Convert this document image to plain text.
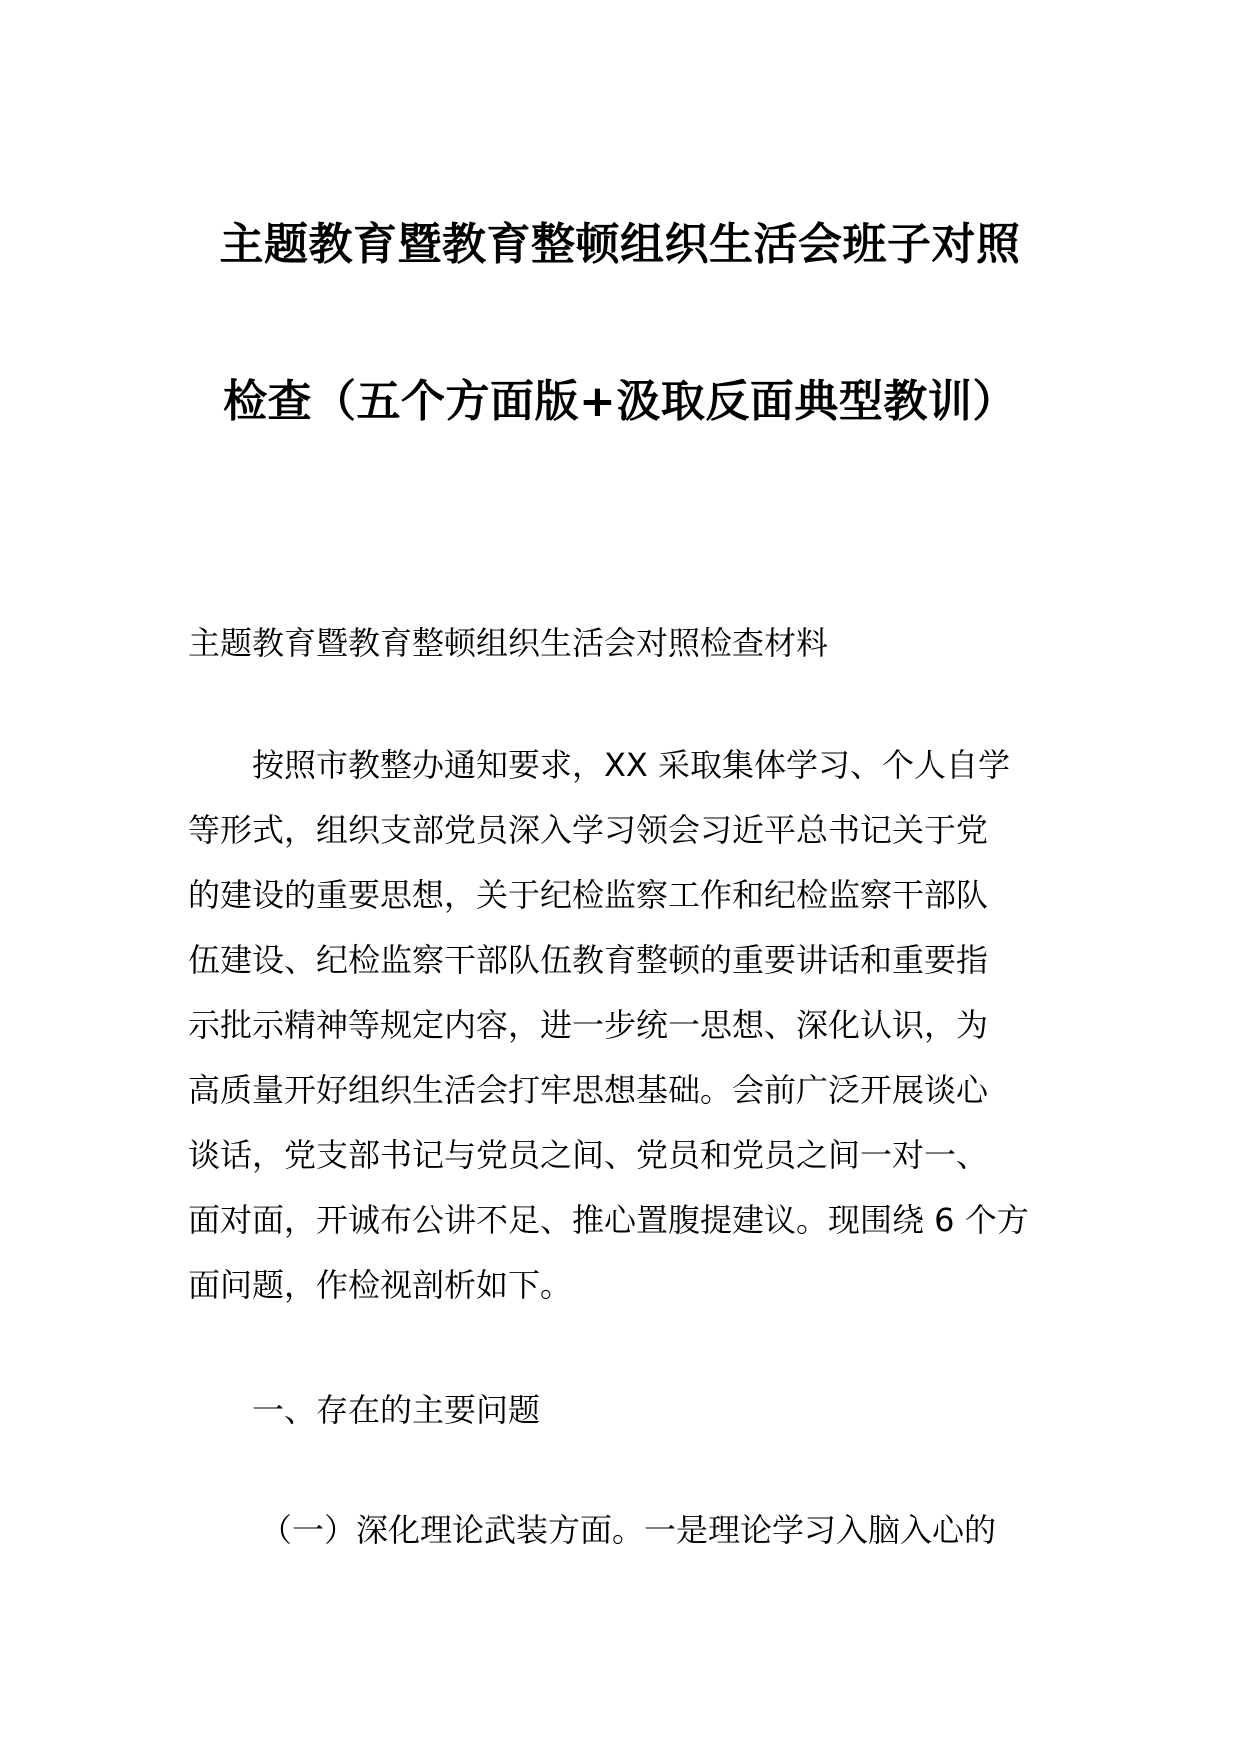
主题教育暨教育整顿组织生活会班子对照
检查（五个方面版+汲取反面典型教训）
主题教育暨教育整顿组织生活会对照检查材料
按照市教整办通知要求，XX 采取集体学习、个人自学
等形式，组织支部党员深入学习领会习近平总书记关于党
的建设的重要思想，关于纪检监察工作和纪检监察干部队
伍建设、纪检监察干部队伍教育整顿的重要讲话和重要指
示批示精神等规定内容，进一步统一思想、深化认识，为
高质量开好组织生活会打牢思想基础。会前广泛开展谈心
谈话，党支部书记与党员之间、党员和党员之间一对一、
面对面，开诚布公讲不足、推心置腹提建议。现围绕 6 个方
面问题，作检视剖析如下。
一、存在的主要问题
（一）深化理论武装方面。一是理论学习入脑入心的
